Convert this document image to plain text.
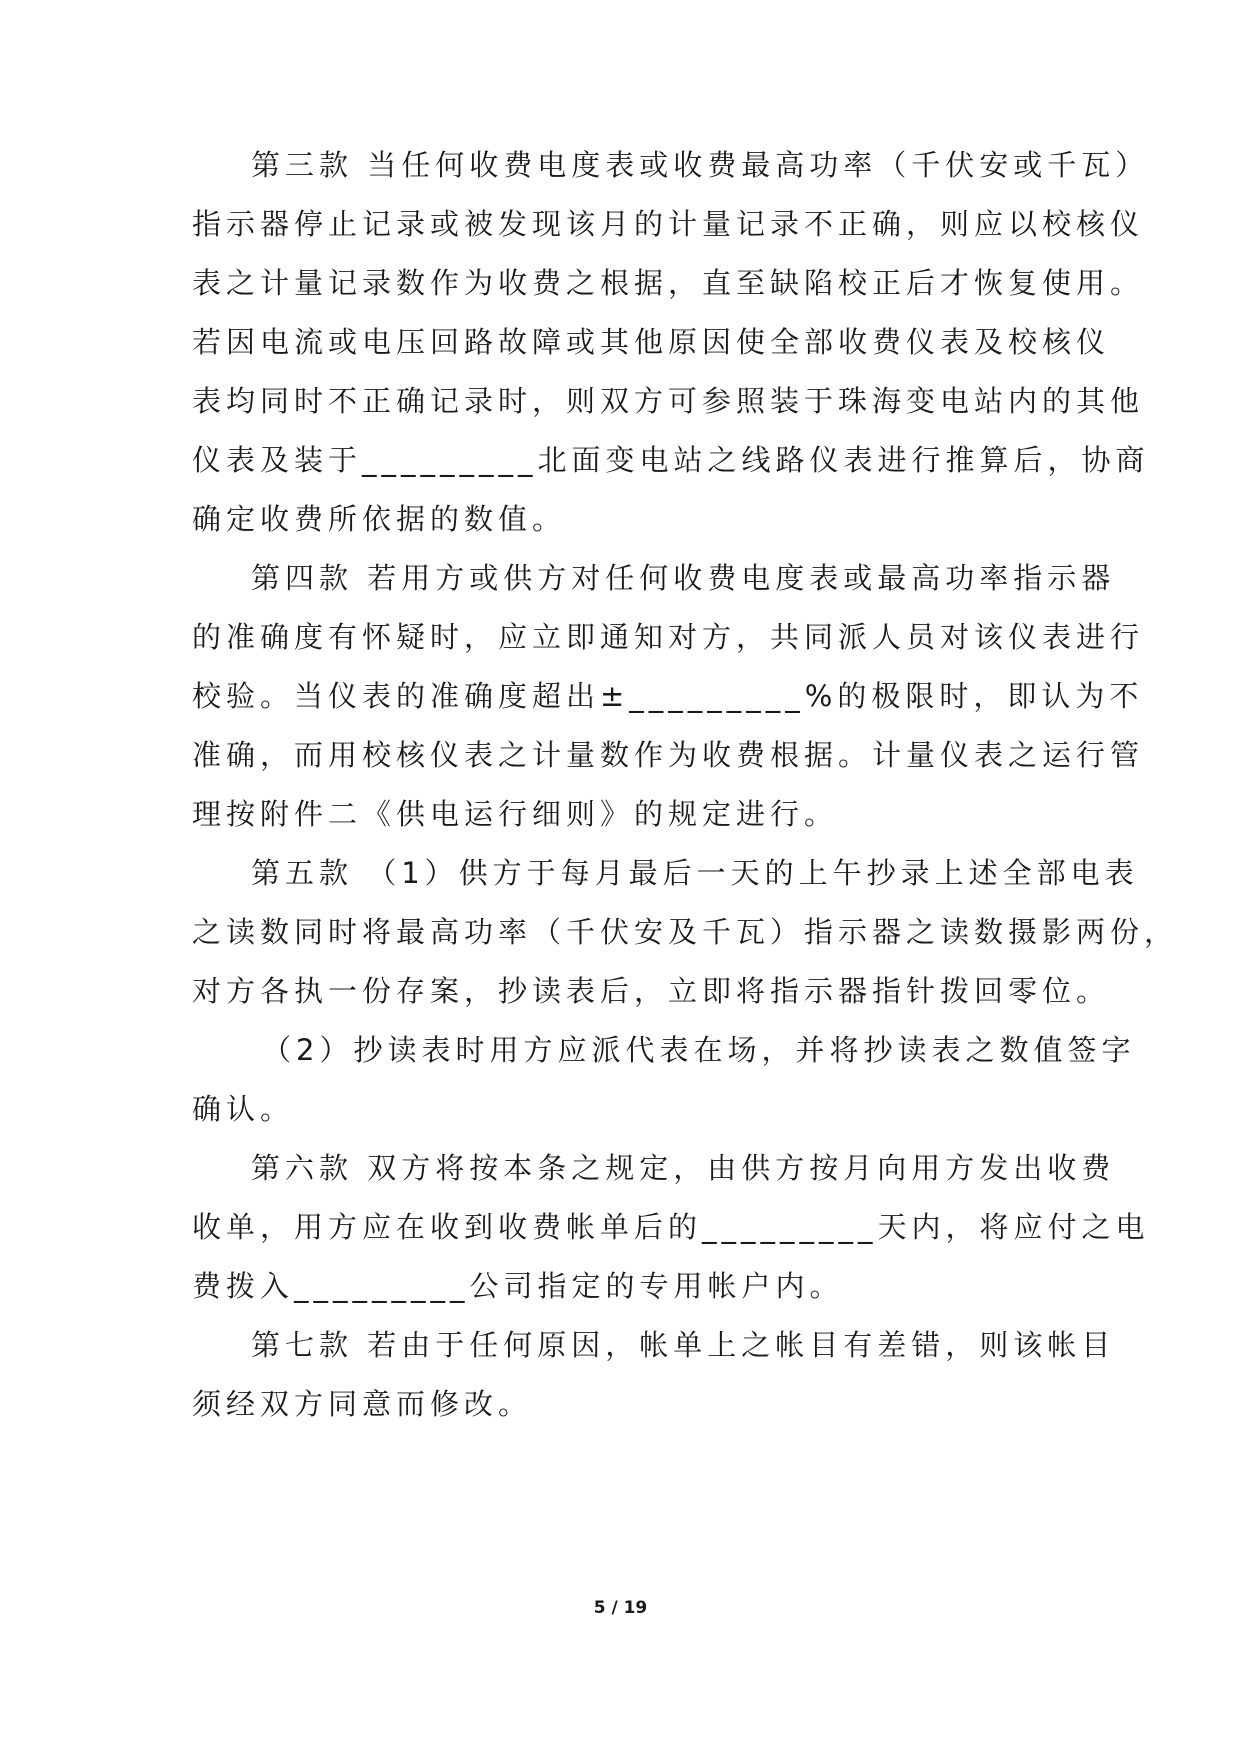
第三款 当任何收费电度表或收费最高功率（千伏安或千瓦）
指示器停止记录或被发现该月的计量记录不正确，则应以校核仪
表之计量记录数作为收费之根据，直至缺陷校正后才恢复使用。
若因电流或电压回路故障或其他原因使全部收费仪表及校核仪
表均同时不正确记录时，则双方可参照装于珠海变电站内的其他
仪表及装于_________北面变电站之线路仪表进行推算后，协商
确定收费所依据的数值。
第四款 若用方或供方对任何收费电度表或最高功率指示器
的准确度有怀疑时，应立即通知对方，共同派人员对该仪表进行
校验。当仪表的准确度超出±_________%的极限时，即认为不
准确，而用校核仪表之计量数作为收费根据。计量仪表之运行管
理按附件二《供电运行细则》的规定进行。
第五款 （1）供方于每月最后一天的上午抄录上述全部电表
之读数同时将最高功率（千伏安及千瓦）指示器之读数摄影两份，
对方各执一份存案，抄读表后，立即将指示器指针拨回零位。
（2）抄读表时用方应派代表在场，并将抄读表之数值签字
确认。
第六款 双方将按本条之规定，由供方按月向用方发出收费
收单，用方应在收到收费帐单后的_________天内，将应付之电
费拨入_________公司指定的专用帐户内。
第七款 若由于任何原因，帐单上之帐目有差错，则该帐目
须经双方同意而修改。
5 / 19
